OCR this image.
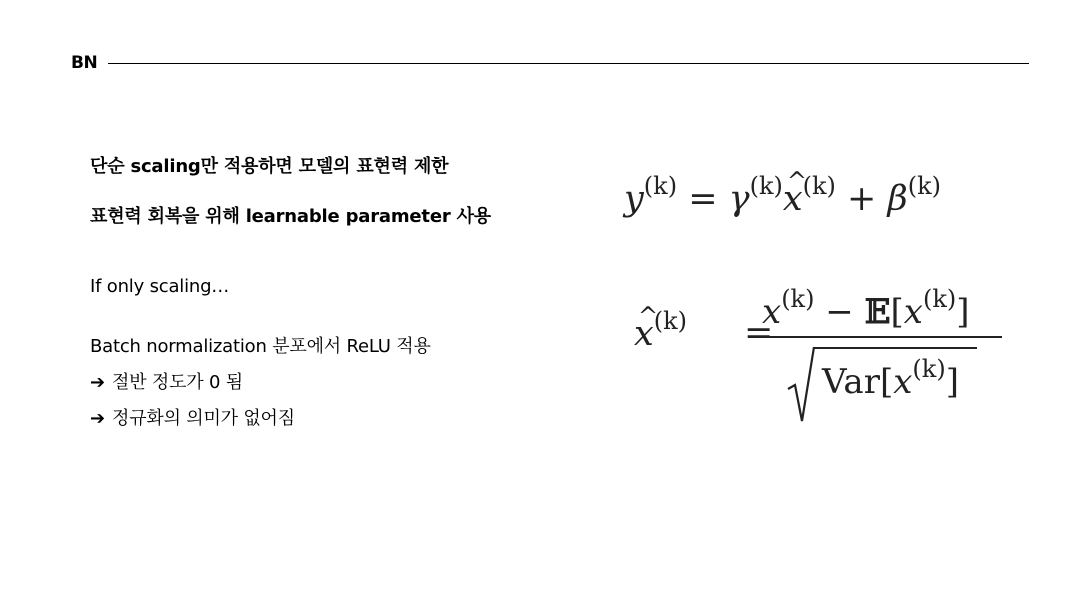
BN
단순 scaling만 적용하면 모델의 표현력 제한
표현력 회복을 위해 learnable parameter 사용
If only scaling…
Batch normalization 분포에서 ReLU 적용
➔ 절반 정도가 0 됨
➔ 정규화의 의미가 없어짐
$y^{(k)}$ = $\gamma^{(k)}\^{}$ $x^{(k)} + \beta^{(k)}$
^ $x^{(k)}$ =
$x^{(k)}$ − $𝔼[x^{(k)}]$
$Var[x^{(k)}]$
